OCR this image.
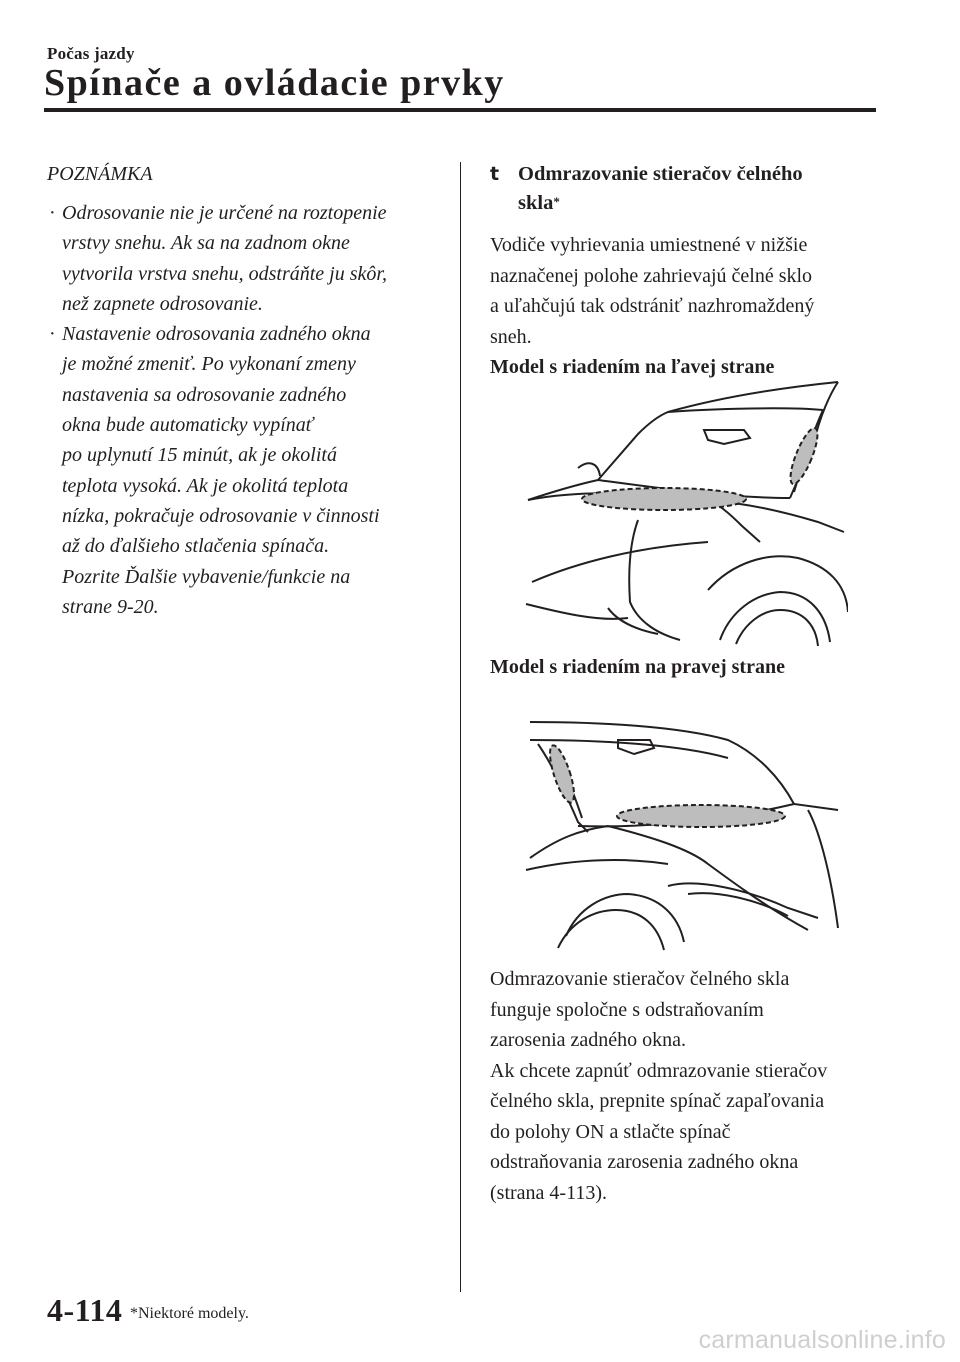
Počas jazdy
Spínače a ovládacie prvky

POZNÁMKA

· Odrosovanie nie je určené na roztopenie

vrstvy snehu. Ak sa na zadnom okne

vytvorila vrstva snehu, odstráňte ju skôr,

než zapnete odrosovanie.

· Nastavenie odrosovania zadného okna

je možné zmeniť. Po vykonaní zmeny

nastavenia sa odrosovanie zadného

okna bude automaticky vypínať

po uplynutí 15 minút, ak je okolitá

teplota vysoká. Ak je okolitá teplota

nízka, pokračuje odrosovanie v činnosti

až do ďalšieho stlačenia spínača.

Pozrite Ďalšie vybavenie/funkcie na

strane 9-20.

t Odmrazovanie stieračov čelného

skla*

Vodiče vyhrievania umiestnené v nižšie

naznačenej polohe zahrievajú čelné sklo

a uľahčujú tak odstrániť nazhromaždený

sneh.

Model s riadením na ľavej strane

Model s riadením na pravej strane

Odmrazovanie stieračov čelného skla

funguje spoločne s odstraňovaním

zarosenia zadného okna.

Ak chcete zapnúť odmrazovanie stieračov

čelného skla, prepnite spínač zapaľovania

do polohy ON a stlačte spínač

odstraňovania zarosenia zadného okna

(strana 4-113).

4-114 *Niektoré modely.
carmanualsonline.info
